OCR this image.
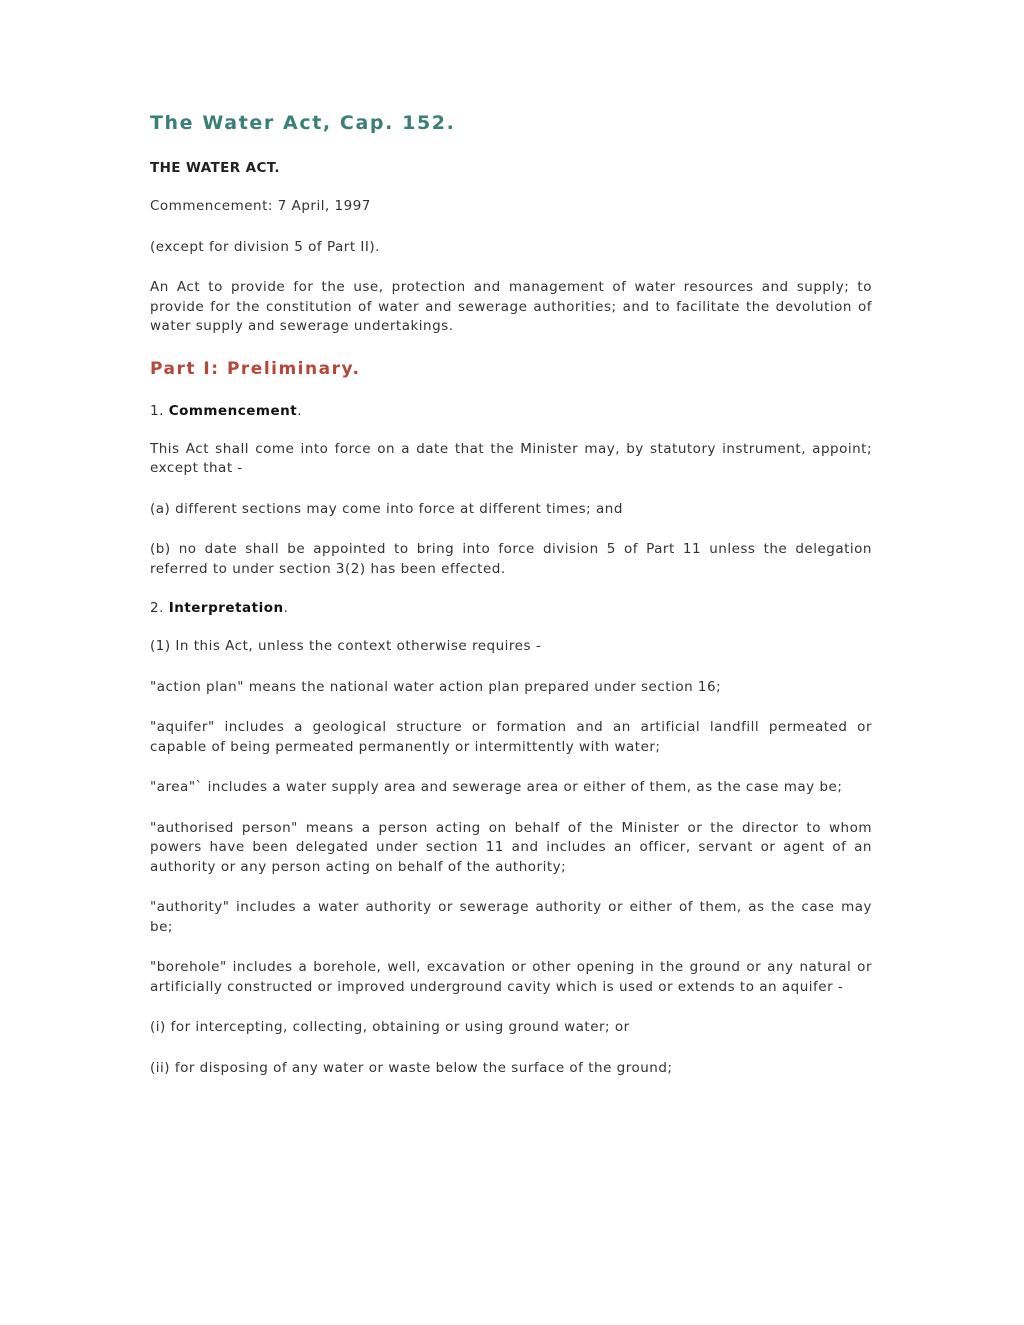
The Water Act, Cap. 152.

THE WATER ACT.

Commencement: 7 April, 1997

(except for division 5 of Part II).

An Act to provide for the use, protection and management of water resources and supply; to provide for the constitution of water and sewerage authorities; and to facilitate the devolution of water supply and sewerage undertakings.

Part I: Preliminary.

1. Commencement.

This Act shall come into force on a date that the Minister may, by statutory instrument, appoint; except that -

(a) different sections may come into force at different times; and

(b) no date shall be appointed to bring into force division 5 of Part 11 unless the delegation referred to under section 3(2) has been effected.

2. Interpretation.

(1) In this Act, unless the context otherwise requires -

"action plan" means the national water action plan prepared under section 16;

"aquifer" includes a geological structure or formation and an artificial landfill permeated or capable of being permeated permanently or intermittently with water;

"area"` includes a water supply area and sewerage area or either of them, as the case may be;

"authorised person" means a person acting on behalf of the Minister or the director to whom powers have been delegated under section 11 and includes an officer, servant or agent of an authority or any person acting on behalf of the authority;

"authority" includes a water authority or sewerage authority or either of them, as the case may be;

"borehole" includes a borehole, well, excavation or other opening in the ground or any natural or artificially constructed or improved underground cavity which is used or extends to an aquifer -

(i) for intercepting, collecting, obtaining or using ground water; or

(ii) for disposing of any water or waste below the surface of the ground;
